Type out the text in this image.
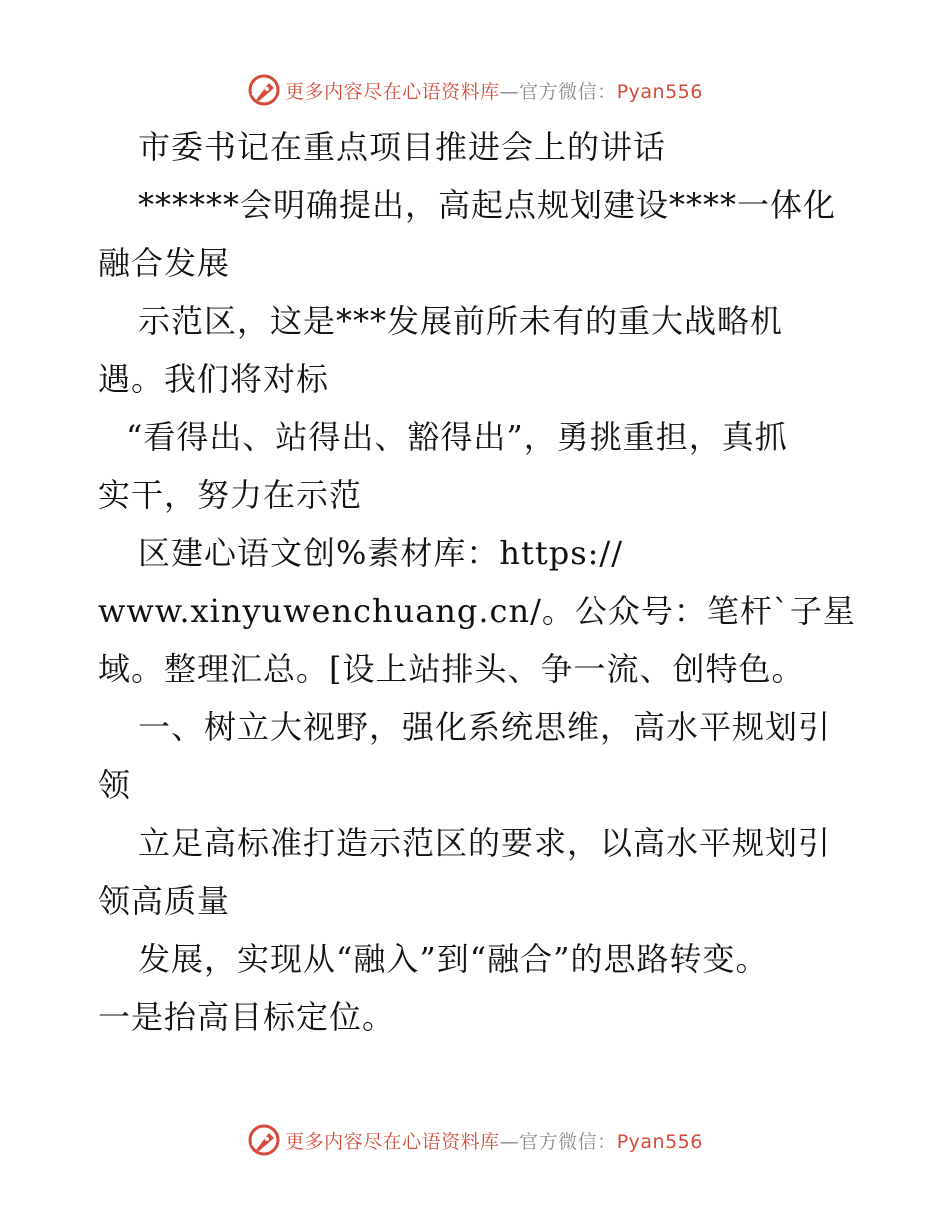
更多内容尽在心语资料库—官方微信：Pyan556
市委书记在重点项目推进会上的讲话
******会明确提出，高起点规划建设****一体化
融合发展
示范区，这是***发展前所未有的重大战略机
遇。我们将对标
“看得出、站得出、豁得出”，勇挑重担，真抓
实干，努力在示范
区建心语文创%素材库：https://
www.xinyuwenchuang.cn/。公众号：笔杆`子星
域。整理汇总。[设上站排头、争一流、创特色。
一、树立大视野，强化系统思维，高水平规划引
领
立足高标准打造示范区的要求，以高水平规划引
领高质量
发展，实现从“融入”到“融合”的思路转变。
一是抬高目标定位。
更多内容尽在心语资料库—官方微信：Pyan556
